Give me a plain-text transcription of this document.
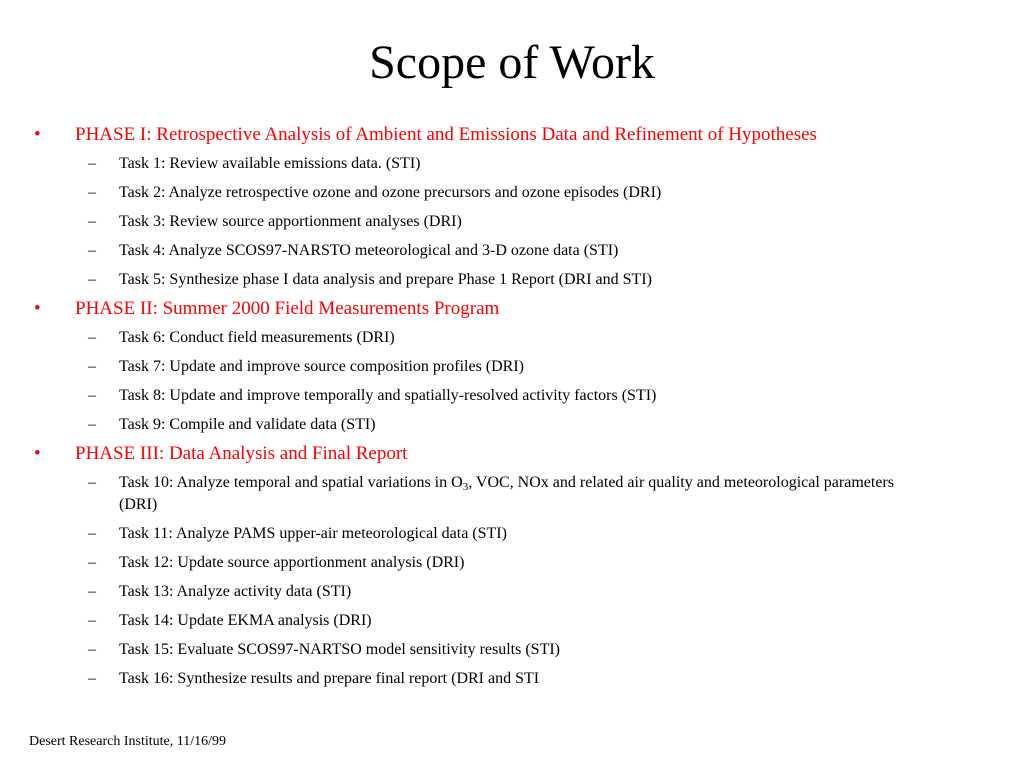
Scope of Work
• PHASE I: Retrospective Analysis of Ambient and Emissions Data and Refinement of Hypotheses
– Task 1: Review available emissions data. (STI)
– Task 2: Analyze retrospective ozone and ozone precursors and ozone episodes (DRI)
– Task 3: Review source apportionment analyses (DRI)
– Task 4: Analyze SCOS97-NARSTO meteorological and 3-D ozone data (STI)
– Task 5: Synthesize phase I data analysis and prepare Phase 1 Report (DRI and STI)
• PHASE II: Summer 2000 Field Measurements Program
– Task 6: Conduct field measurements (DRI)
– Task 7: Update and improve source composition profiles (DRI)
– Task 8: Update and improve temporally and spatially-resolved activity factors (STI)
– Task 9: Compile and validate data (STI)
• PHASE III: Data Analysis and Final Report
– Task 10: Analyze temporal and spatial variations in $O_3$, VOC, NOx and related air quality and meteorological parameters (DRI)
– Task 11: Analyze PAMS upper-air meteorological data (STI)
– Task 12: Update source apportionment analysis (DRI)
– Task 13: Analyze activity data (STI)
– Task 14: Update EKMA analysis (DRI)
– Task 15: Evaluate SCOS97-NARTSO model sensitivity results (STI)
– Task 16: Synthesize results and prepare final report (DRI and STI
Desert Research Institute, 11/16/99
